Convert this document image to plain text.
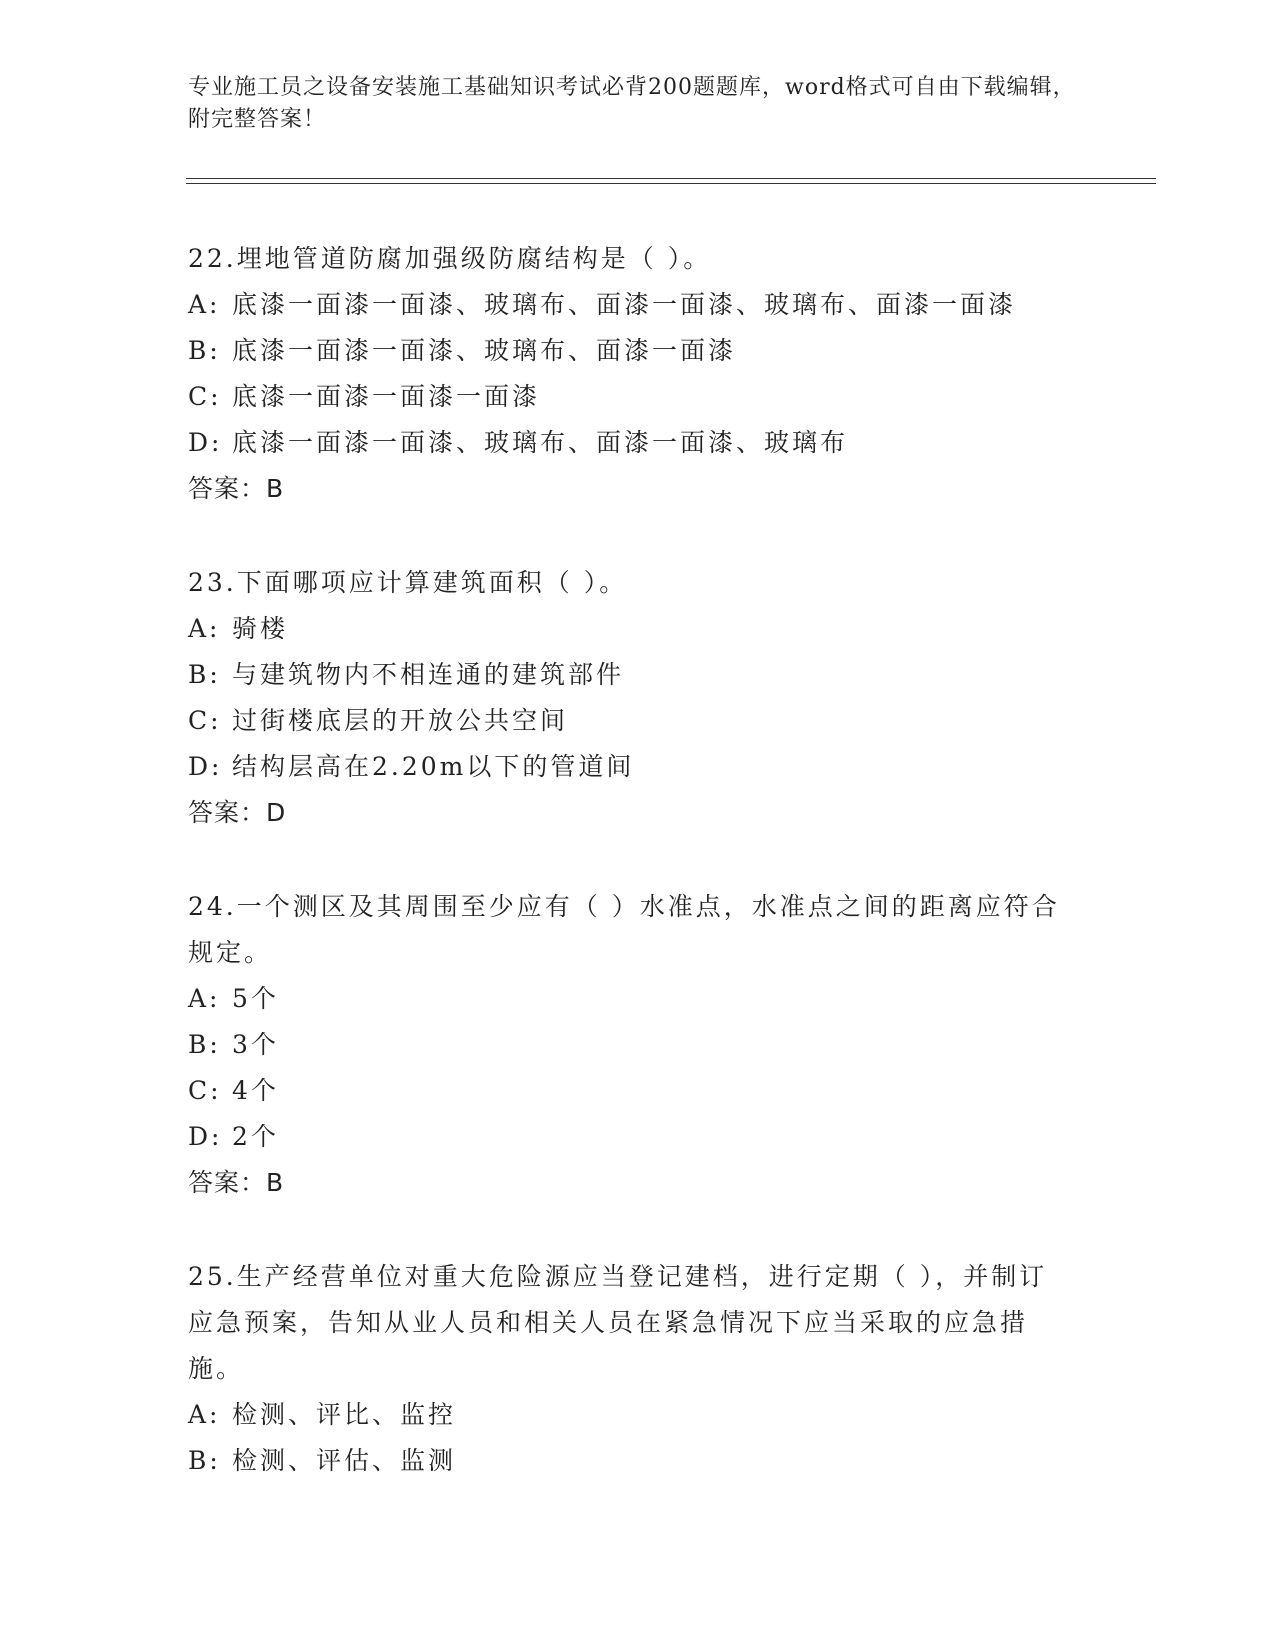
专业施工员之设备安装施工基础知识考试必背200题题库，word格式可自由下载编辑，附完整答案！
22.埋地管道防腐加强级防腐结构是（ ）。
A: 底漆一面漆一面漆、玻璃布、面漆一面漆、玻璃布、面漆一面漆
B: 底漆一面漆一面漆、玻璃布、面漆一面漆
C: 底漆一面漆一面漆一面漆
D: 底漆一面漆一面漆、玻璃布、面漆一面漆、玻璃布
答案：B
23.下面哪项应计算建筑面积（ ）。
A: 骑楼
B: 与建筑物内不相连通的建筑部件
C: 过街楼底层的开放公共空间
D: 结构层高在2.20m以下的管道间
答案：D
24.一个测区及其周围至少应有（ ）水准点，水准点之间的距离应符合规定。
A: 5个
B: 3个
C: 4个
D: 2个
答案：B
25.生产经营单位对重大危险源应当登记建档，进行定期（ ），并制订应急预案，告知从业人员和相关人员在紧急情况下应当采取的应急措施。
A: 检测、评比、监控
B: 检测、评估、监测
